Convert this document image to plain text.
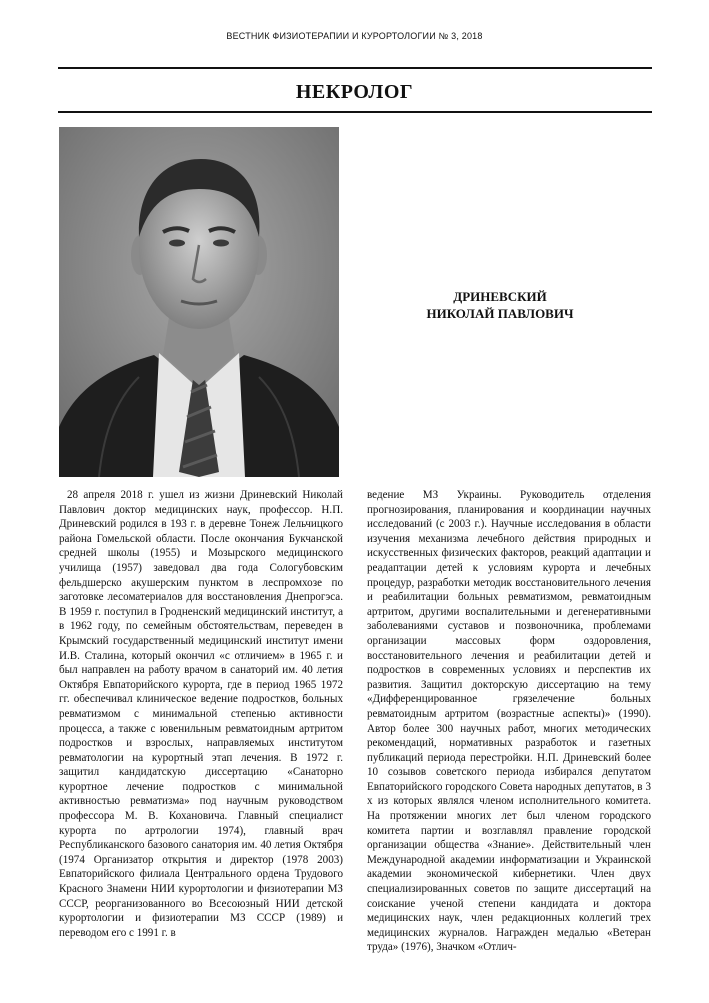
ВЕСТНИК ФИЗИОТЕРАПИИ И КУРОРТОЛОГИИ № 3, 2018
НЕКРОЛОГ
ДРИНЕВСКИЙ
НИКОЛАЙ ПАВЛОВИЧ

28 апреля 2018 г. ушел из жизни Дриневский Николай Павлович доктор медицинских наук, профессор. Н.П. Дриневский родился в 193 г. в деревне Тонеж Лельчицкого района Гомельской области. После окончания Букчанской средней школы (1955) и Мозырского медицинского училища (1957) заведовал два года Сологубовским фельдшерско акушерским пунктом в леспромхозе по заготовке лесоматериалов для восстановления Днепрогэса. В 1959 г. поступил в Гродненский медицинский институт, а в 1962 году, по семейным обстоятельствам, переведен в Крымский государственный медицинский институт имени И.В. Сталина, который окончил «с отличием» в 1965 г. и был направлен на работу врачом в санаторий им. 40 летия Октября Евпаторийского курорта, где в период 1965 1972 гг. обеспечивал клиническое ведение подростков, больных ревматизмом с минимальной степенью активности процесса, а также с ювенильным ревматоидным артритом подростков и взрослых, направляемых институтом ревматологии на курортный этап лечения. В 1972 г. защитил кандидатскую диссертацию «Санаторно курортное лечение подростков с минимальной активностью ревматизма» под научным руководством профессора М. В. Кохановича. Главный специалист курорта по артрологии 1974), главный врач Республиканского базового санатория им. 40 летия Октября (1974 Организатор открытия и директор (1978 2003) Евпаторийского филиала Центрального ордена Трудового Красного Знамени НИИ курортологии и физиотерапии МЗ СССР, реорганизованного во Всесоюзный НИИ детской курортологии и физиотерапии МЗ СССР (1989) и переводом его с 1991 г. в

ведение МЗ Украины. Руководитель отделения прогнозирования, планирования и координации научных исследований (с 2003 г.). Научные исследования в области изучения механизма лечебного действия природных и искусственных физических факторов, реакций адаптации и реадаптации детей к условиям курорта и лечебных процедур, разработки методик восстановительного лечения и реабилитации больных ревматизмом, ревматоидным артритом, другими воспалительными и дегенеративными заболеваниями суставов и позвоночника, проблемами организации массовых форм оздоровления, восстановительного лечения и реабилитации детей и подростков в современных условиях и перспектив их развития. Защитил докторскую диссертацию на тему «Дифференцированное грязелечение больных ревматоидным артритом (возрастные аспекты)» (1990). Автор более 300 научных работ, многих методических рекомендаций, нормативных разработок и газетных публикаций периода перестройки. Н.П. Дриневский более 10 созывов советского периода избирался депутатом Евпаторийского городского Совета народных депутатов, в 3 х из которых являлся членом исполнительного комитета. На протяжении многих лет был членом городского комитета партии и возглавлял правление городской организации общества «Знание». Действительный член Международной академии информатизации и Украинской академии экономической кибернетики. Член двух специализированных советов по защите диссертаций на соискание ученой степени кандидата и доктора медицинских наук, член редакционных коллегий трех медицинских журналов. Награжден медалью «Ветеран труда» (1976), Значком «Отлич-
